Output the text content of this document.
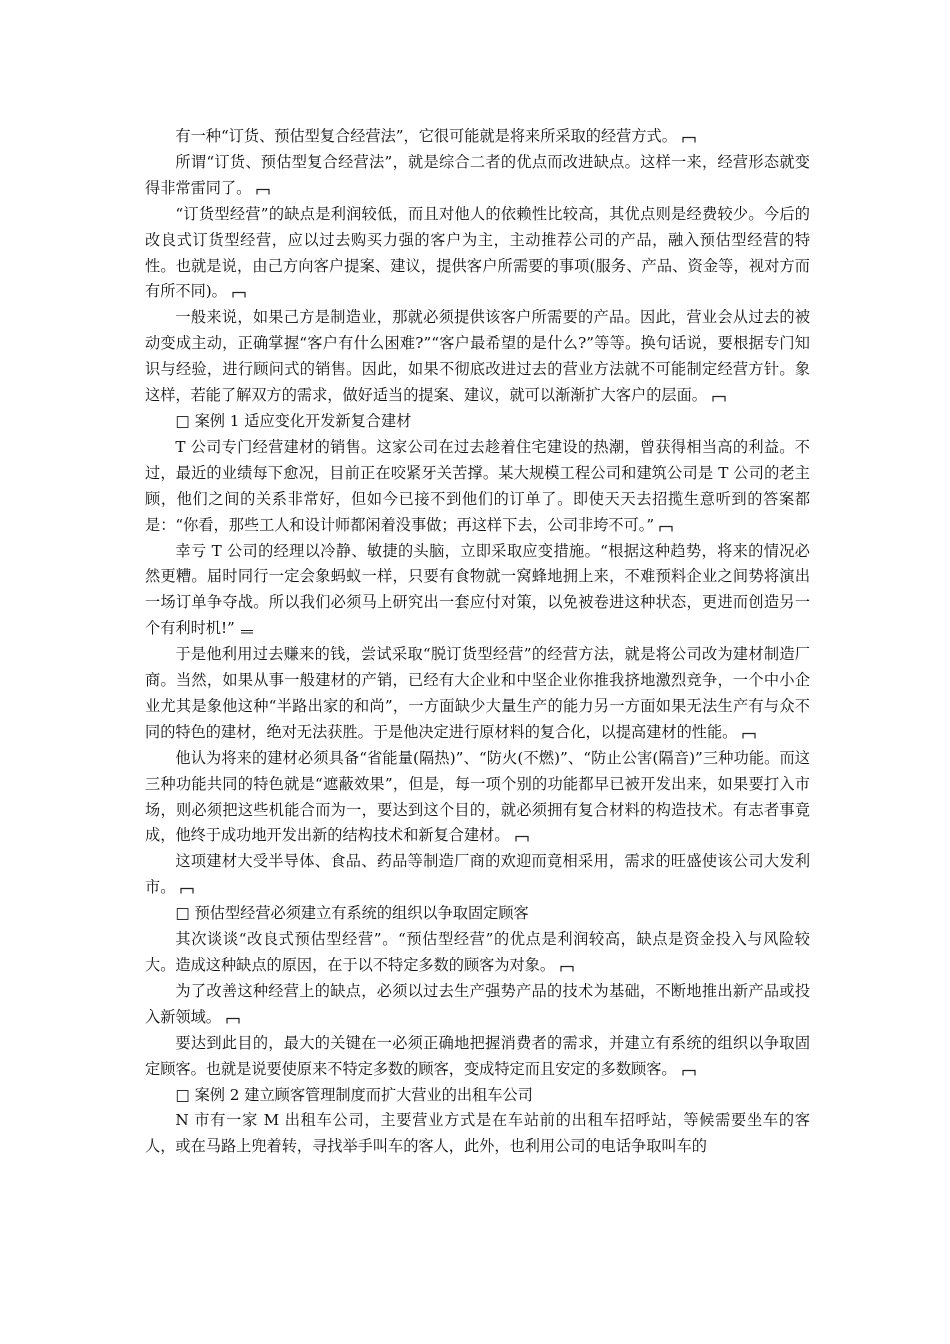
有一种“订货、预估型复合经营法”，它很可能就是将来所采取的经营方式。

所谓“订货、预估型复合经营法”，就是综合二者的优点而改进缺点。这样一来，经营形态就变得非常雷同了。

“订货型经营”的缺点是利润较低，而且对他人的依赖性比较高，其优点则是经费较少。今后的改良式订货型经营，应以过去购买力强的客户为主，主动推荐公司的产品，融入预估型经营的特性。也就是说，由己方向客户提案、建议，提供客户所需要的事项(服务、产品、资金等，视对方而有所不同)。

一般来说，如果己方是制造业，那就必须提供该客户所需要的产品。因此，营业会从过去的被动变成主动，正确掌握“客户有什么困难?”“客户最希望的是什么?”等等。换句话说，要根据专门知识与经验，进行顾问式的销售。因此，如果不彻底改进过去的营业方法就不可能制定经营方针。象这样，若能了解双方的需求，做好适当的提案、建议，就可以渐渐扩大客户的层面。

□ 案例 1 适应变化开发新复合建材

T 公司专门经营建材的销售。这家公司在过去趁着住宅建设的热潮，曾获得相当高的利益。不过，最近的业绩每下愈况，目前正在咬紧牙关苦撑。某大规模工程公司和建筑公司是 T 公司的老主顾，他们之间的关系非常好，但如今已接不到他们的订单了。即使天天去招揽生意听到的答案都是：“你看，那些工人和设计师都闲着没事做；再这样下去，公司非垮不可。”

幸亏 T 公司的经理以冷静、敏捷的头脑，立即采取应变措施。“根据这种趋势，将来的情况必然更糟。届时同行一定会象蚂蚁一样，只要有食物就一窝蜂地拥上来，不难预料企业之间势将演出一场订单争夺战。所以我们必须马上研究出一套应付对策，以免被卷进这种状态，更进而创造另一个有利时机!”

于是他利用过去赚来的钱，尝试采取“脱订货型经营”的经营方法，就是将公司改为建材制造厂商。当然，如果从事一般建材的产销，已经有大企业和中坚企业你推我挤地激烈竞争，一个中小企业尤其是象他这种“半路出家的和尚”，一方面缺少大量生产的能力另一方面如果无法生产有与众不同的特色的建材，绝对无法获胜。于是他决定进行原材料的复合化，以提高建材的性能。

他认为将来的建材必须具备“省能量(隔热)”、“防火(不燃)”、“防止公害(隔音)”三种功能。而这三种功能共同的特色就是“遮蔽效果”，但是，每一项个别的功能都早已被开发出来，如果要打入市场，则必须把这些机能合而为一，要达到这个目的，就必须拥有复合材料的构造技术。有志者事竟成，他终于成功地开发出新的结构技术和新复合建材。

这项建材大受半导体、食品、药品等制造厂商的欢迎而竟相采用，需求的旺盛使该公司大发利市。

□ 预估型经营必须建立有系统的组织以争取固定顾客

其次谈谈“改良式预估型经营”。“预估型经营”的优点是利润较高，缺点是资金投入与风险较大。造成这种缺点的原因，在于以不特定多数的顾客为对象。

为了改善这种经营上的缺点，必须以过去生产强势产品的技术为基础，不断地推出新产品或投入新领域。

要达到此目的，最大的关键在一必须正确地把握消费者的需求，并建立有系统的组织以争取固定顾客。也就是说要使原来不特定多数的顾客，变成特定而且安定的多数顾客。

□ 案例 2 建立顾客管理制度而扩大营业的出租车公司

N 市有一家 M 出租车公司，主要营业方式是在车站前的出租车招呼站，等候需要坐车的客人，或在马路上兜着转，寻找举手叫车的客人，此外，也利用公司的电话争取叫车的
